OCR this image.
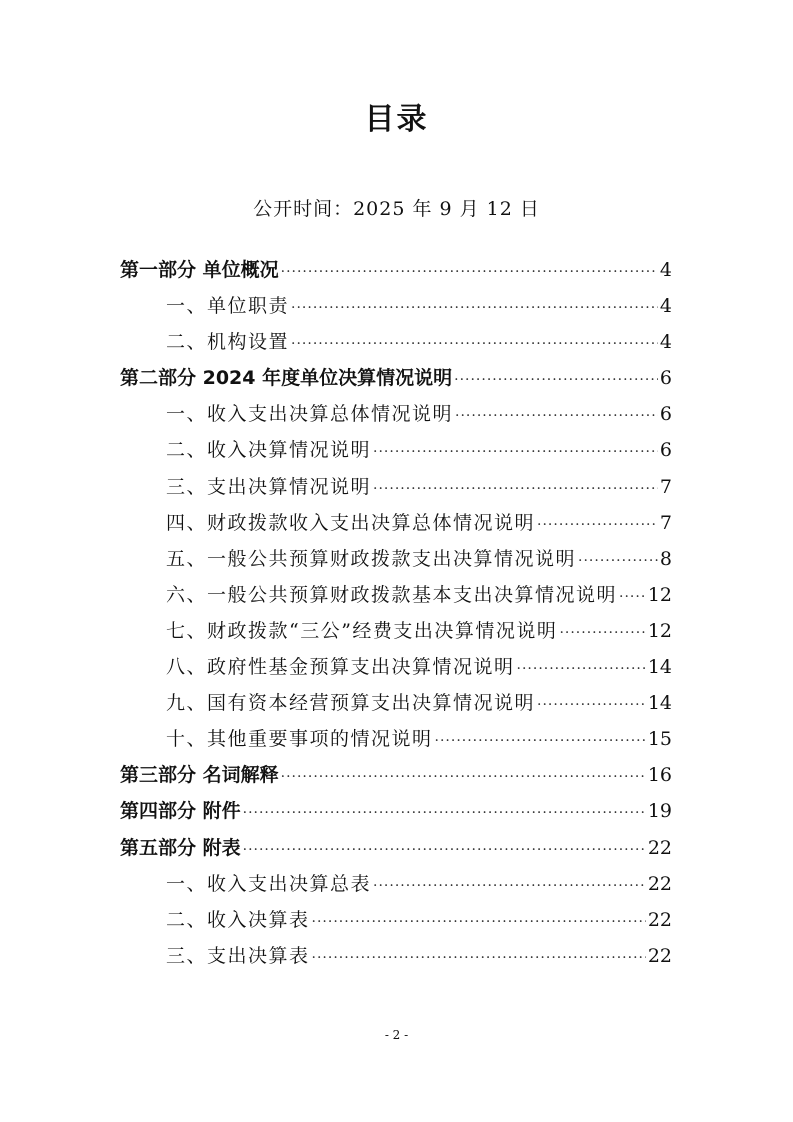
目录
公开时间：2025 年 9 月 12 日
第一部分 单位概况 ·····	4
一、单位职责 ·····	4
二、机构设置 ·····	4
第二部分 2024 年度单位决算情况说明 ·····	6
一、收入支出决算总体情况说明 ·····	6
二、收入决算情况说明 ·····	6
三、支出决算情况说明 ·····	7
四、财政拨款收入支出决算总体情况说明 ·····	7
五、一般公共预算财政拨款支出决算情况说明 ·····	8
六、一般公共预算财政拨款基本支出决算情况说明 ····· 12
七、财政拨款“三公”经费支出决算情况说明 ·····	12
八、政府性基金预算支出决算情况说明 ·····	14
九、国有资本经营预算支出决算情况说明 ·····	14
十、其他重要事项的情况说明 ·····	15
第三部分 名词解释 ·····	16
第四部分 附件 ·····	19
第五部分 附表 ·····	22
一、收入支出决算总表 ·····	22
二、收入决算表 ·····	22
三、支出决算表 ·····	22
- 2 -
